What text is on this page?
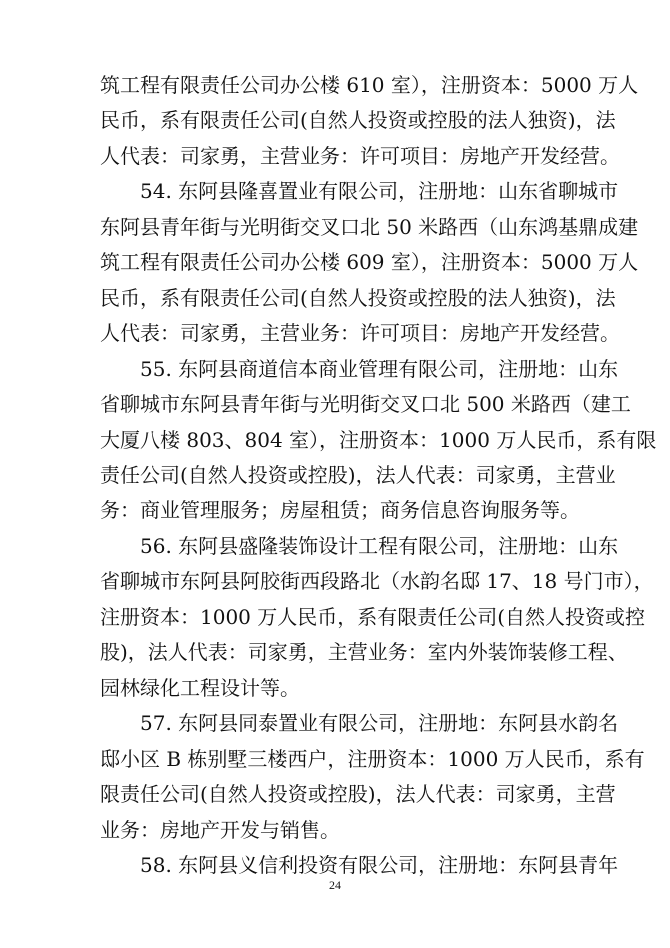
筑工程有限责任公司办公楼 610 室），注册资本：5000 万人
民币，系有限责任公司(自然人投资或控股的法人独资)，法
人代表：司家勇，主营业务：许可项目：房地产开发经营。
54. 东阿县隆喜置业有限公司，注册地：山东省聊城市
东阿县青年街与光明街交叉口北 50 米路西（山东鸿基鼎成建
筑工程有限责任公司办公楼 609 室），注册资本：5000 万人
民币，系有限责任公司(自然人投资或控股的法人独资)，法
人代表：司家勇，主营业务：许可项目：房地产开发经营。
55. 东阿县商道信本商业管理有限公司，注册地：山东
省聊城市东阿县青年街与光明街交叉口北 500 米路西（建工
大厦八楼 803、804 室），注册资本：1000 万人民币，系有限
责任公司(自然人投资或控股)，法人代表：司家勇，主营业
务：商业管理服务；房屋租赁；商务信息咨询服务等。
56. 东阿县盛隆装饰设计工程有限公司，注册地：山东
省聊城市东阿县阿胶街西段路北（水韵名邸 17、18 号门市），
注册资本：1000 万人民币，系有限责任公司(自然人投资或控
股)，法人代表：司家勇，主营业务：室内外装饰装修工程、
园林绿化工程设计等。
57. 东阿县同泰置业有限公司，注册地：东阿县水韵名
邸小区 B 栋别墅三楼西户，注册资本：1000 万人民币，系有
限责任公司(自然人投资或控股)，法人代表：司家勇，主营
业务：房地产开发与销售。
58. 东阿县义信利投资有限公司，注册地：东阿县青年
24
